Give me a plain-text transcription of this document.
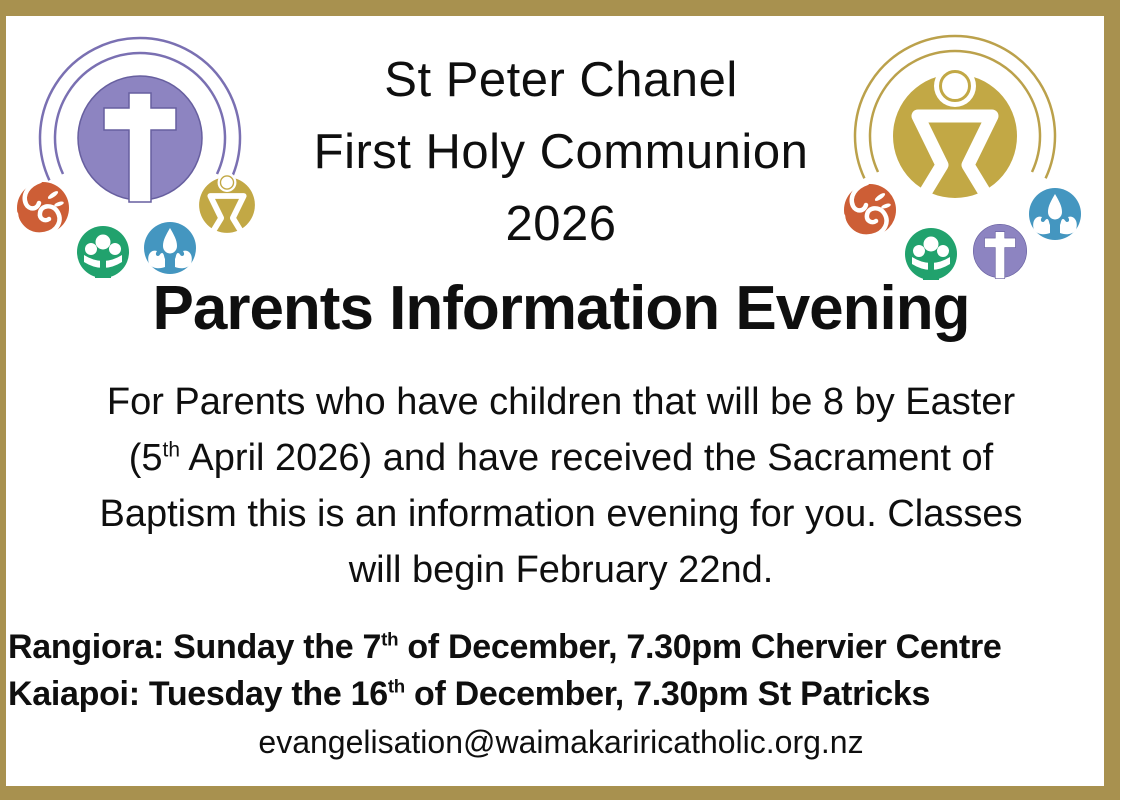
St Peter Chanel
First Holy Communion
2026
Parents Information Evening
For Parents who have children that will be 8 by Easter
(5th April 2026) and have received the Sacrament of
Baptism this is an information evening for you. Classes
will begin February 22nd.
Rangiora: Sunday the 7th of December, 7.30pm Chervier Centre
Kaiapoi: Tuesday the 16th of December, 7.30pm St Patricks
evangelisation@waimakariricatholic.org.nz
